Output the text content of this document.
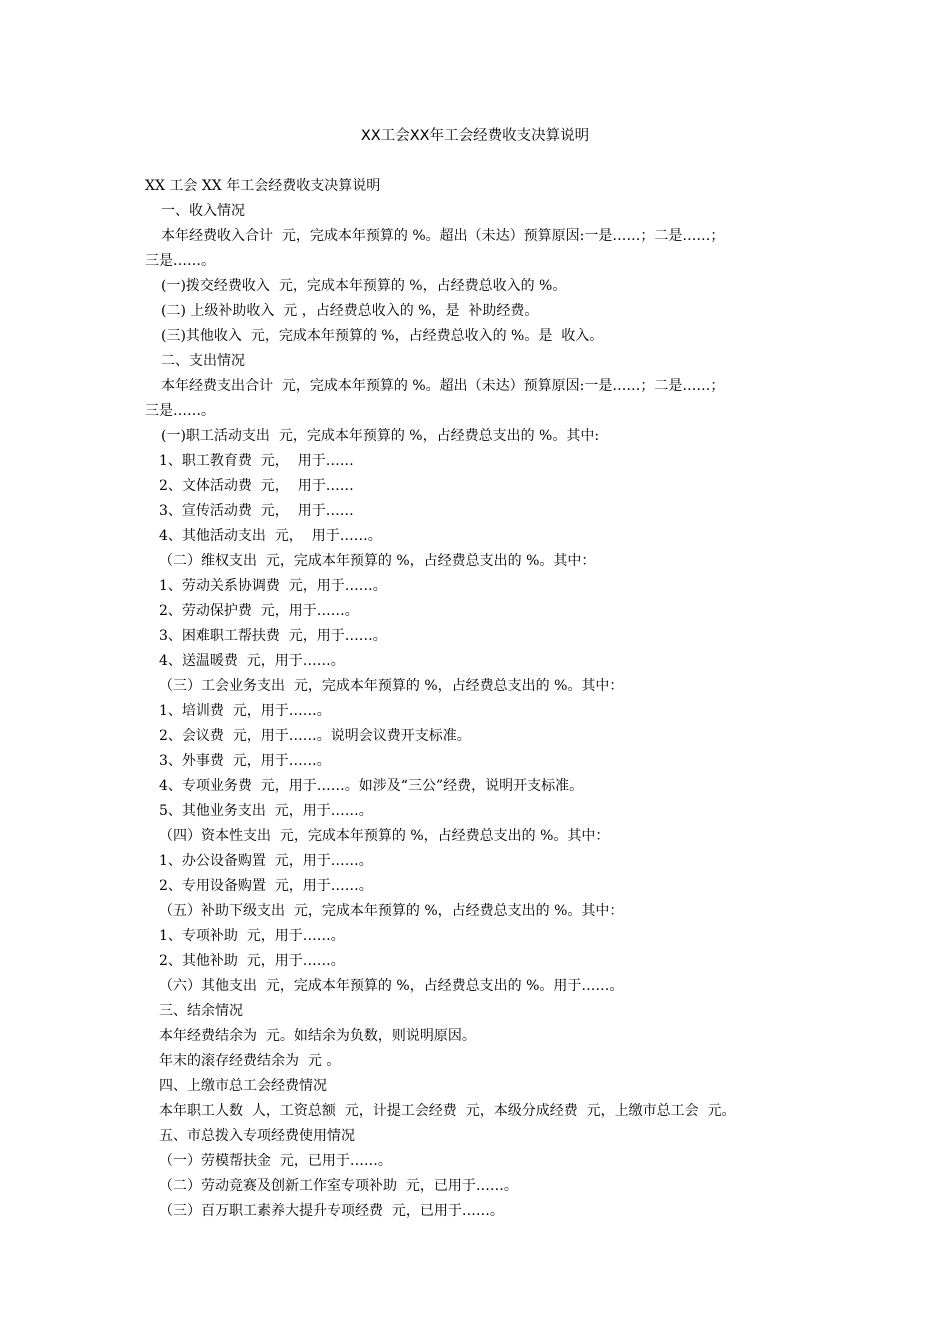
XX工会XX年工会经费收支决算说明
XX 工会 XX 年工会经费收支决算说明
一、收入情况
本年经费收入合计  元，完成本年预算的 %。超出（未达）预算原因:一是……；二是……；
三是……。
(一)拨交经费收入  元，完成本年预算的 %，占经费总收入的 %。
(二) 上级补助收入  元 ，占经费总收入的 %，是  补助经费。
(三)其他收入  元，完成本年预算的 %，占经费总收入的 %。是  收入。
二、支出情况
本年经费支出合计  元，完成本年预算的 %。超出（未达）预算原因:一是……；二是……；
三是……。
(一)职工活动支出  元，完成本年预算的 %，占经费总支出的 %。其中:
1、职工教育费  元，  用于……
2、文体活动费  元，  用于……
3、宣传活动费  元，  用于……
4、其他活动支出  元，  用于……。
（二）维权支出  元，完成本年预算的 %，占经费总支出的 %。其中：
1、劳动关系协调费  元，用于……。
2、劳动保护费  元，用于……。
3、困难职工帮扶费  元，用于……。
4、送温暖费  元，用于……。
（三）工会业务支出  元，完成本年预算的 %，占经费总支出的 %。其中：
1、培训费  元，用于……。
2、会议费  元，用于……。说明会议费开支标准。
3、外事费  元，用于……。
4、专项业务费  元，用于……。如涉及“三公”经费，说明开支标准。
5、其他业务支出  元，用于……。
（四）资本性支出  元，完成本年预算的 %，占经费总支出的 %。其中：
1、办公设备购置  元，用于……。
2、专用设备购置  元，用于……。
（五）补助下级支出  元，完成本年预算的 %，占经费总支出的 %。其中：
1、专项补助  元，用于……。
2、其他补助  元，用于……。
（六）其他支出  元，完成本年预算的 %，占经费总支出的 %。用于……。
三、结余情况
本年经费结余为  元。如结余为负数，则说明原因。
年末的滚存经费结余为  元 。
四、上缴市总工会经费情况
本年职工人数  人，工资总额  元，计提工会经费  元，本级分成经费  元，上缴市总工会  元。
五、市总拨入专项经费使用情况
（一）劳模帮扶金  元，已用于……。
（二）劳动竞赛及创新工作室专项补助  元，已用于……。
（三）百万职工素养大提升专项经费  元，已用于……。
